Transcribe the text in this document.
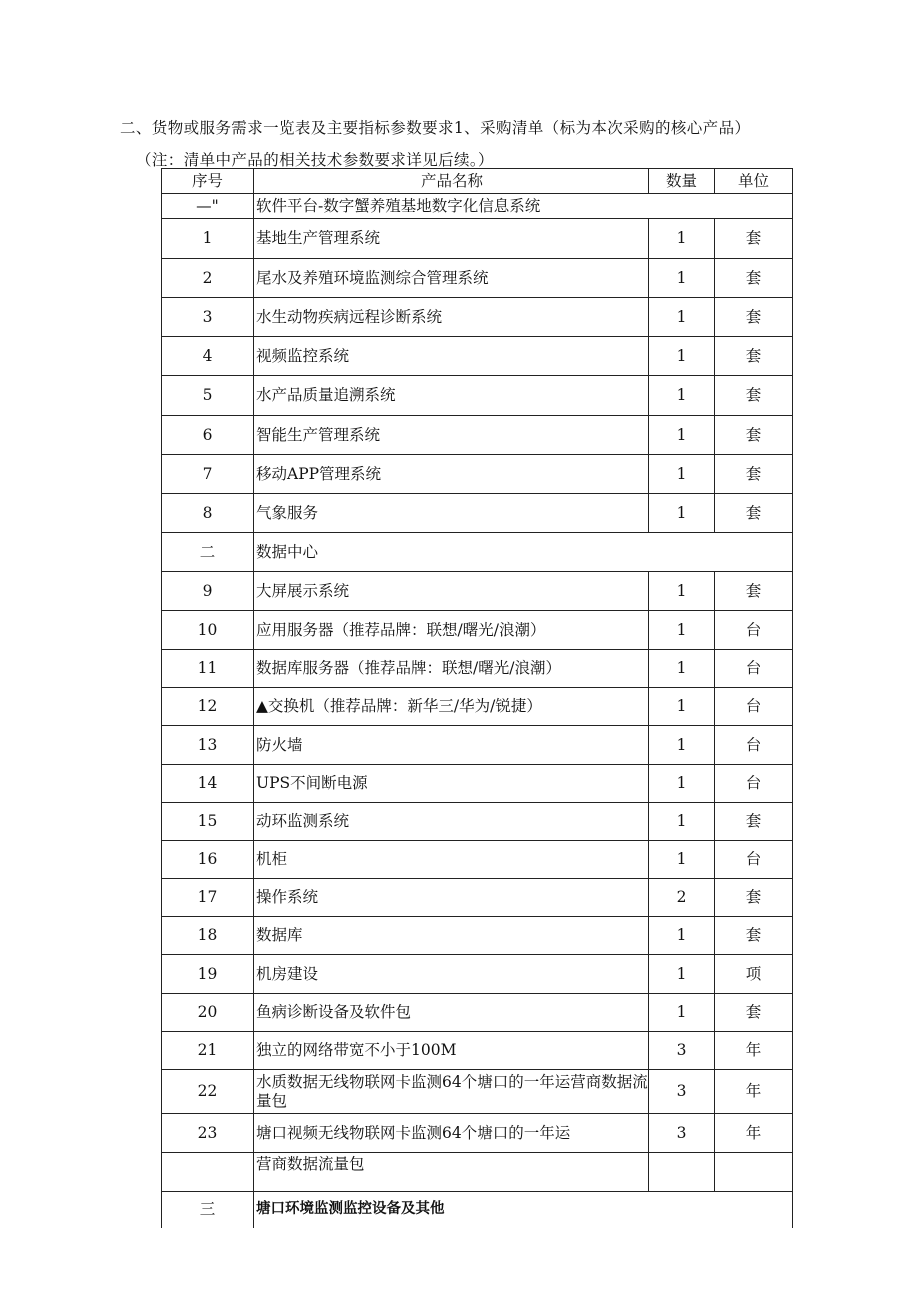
二、货物或服务需求一览表及主要指标参数要求1、采购清单（标为本次采购的核心产品）
（注：清单中产品的相关技术参数要求详见后续。）
序号	产品名称	数量	单位
—"	软件平台-数字蟹养殖基地数字化信息系统		
1	基地生产管理系统	1	套
2	尾水及养殖环境监测综合管理系统	1	套
3	水生动物疾病远程诊断系统	1	套
4	视频监控系统	1	套
5	水产品质量追溯系统	1	套
6	智能生产管理系统	1	套
7	移动APP管理系统	1	套
8	气象服务	1	套
二	数据中心		
9	大屏展示系统	1	套
10	应用服务器（推荐品牌：联想/曙光/浪潮）	1	台
11	数据库服务器（推荐品牌：联想/曙光/浪潮）	1	台
12	▲交换机（推荐品牌：新华三/华为/锐捷）	1	台
13	防火墙	1	台
14	UPS不间断电源	1	台
15	动环监测系统	1	套
16	机柜	1	台
17	操作系统	2	套
18	数据库	1	套
19	机房建设	1	项
20	鱼病诊断设备及软件包	1	套
21	独立的网络带宽不小于100M	3	年
22	水质数据无线物联网卡监测64个塘口的一年运营商数据流量包	3	年
23	塘口视频无线物联网卡监测64个塘口的一年运	3	年
	营商数据流量包		
三	塘口环境监测监控设备及其他		
